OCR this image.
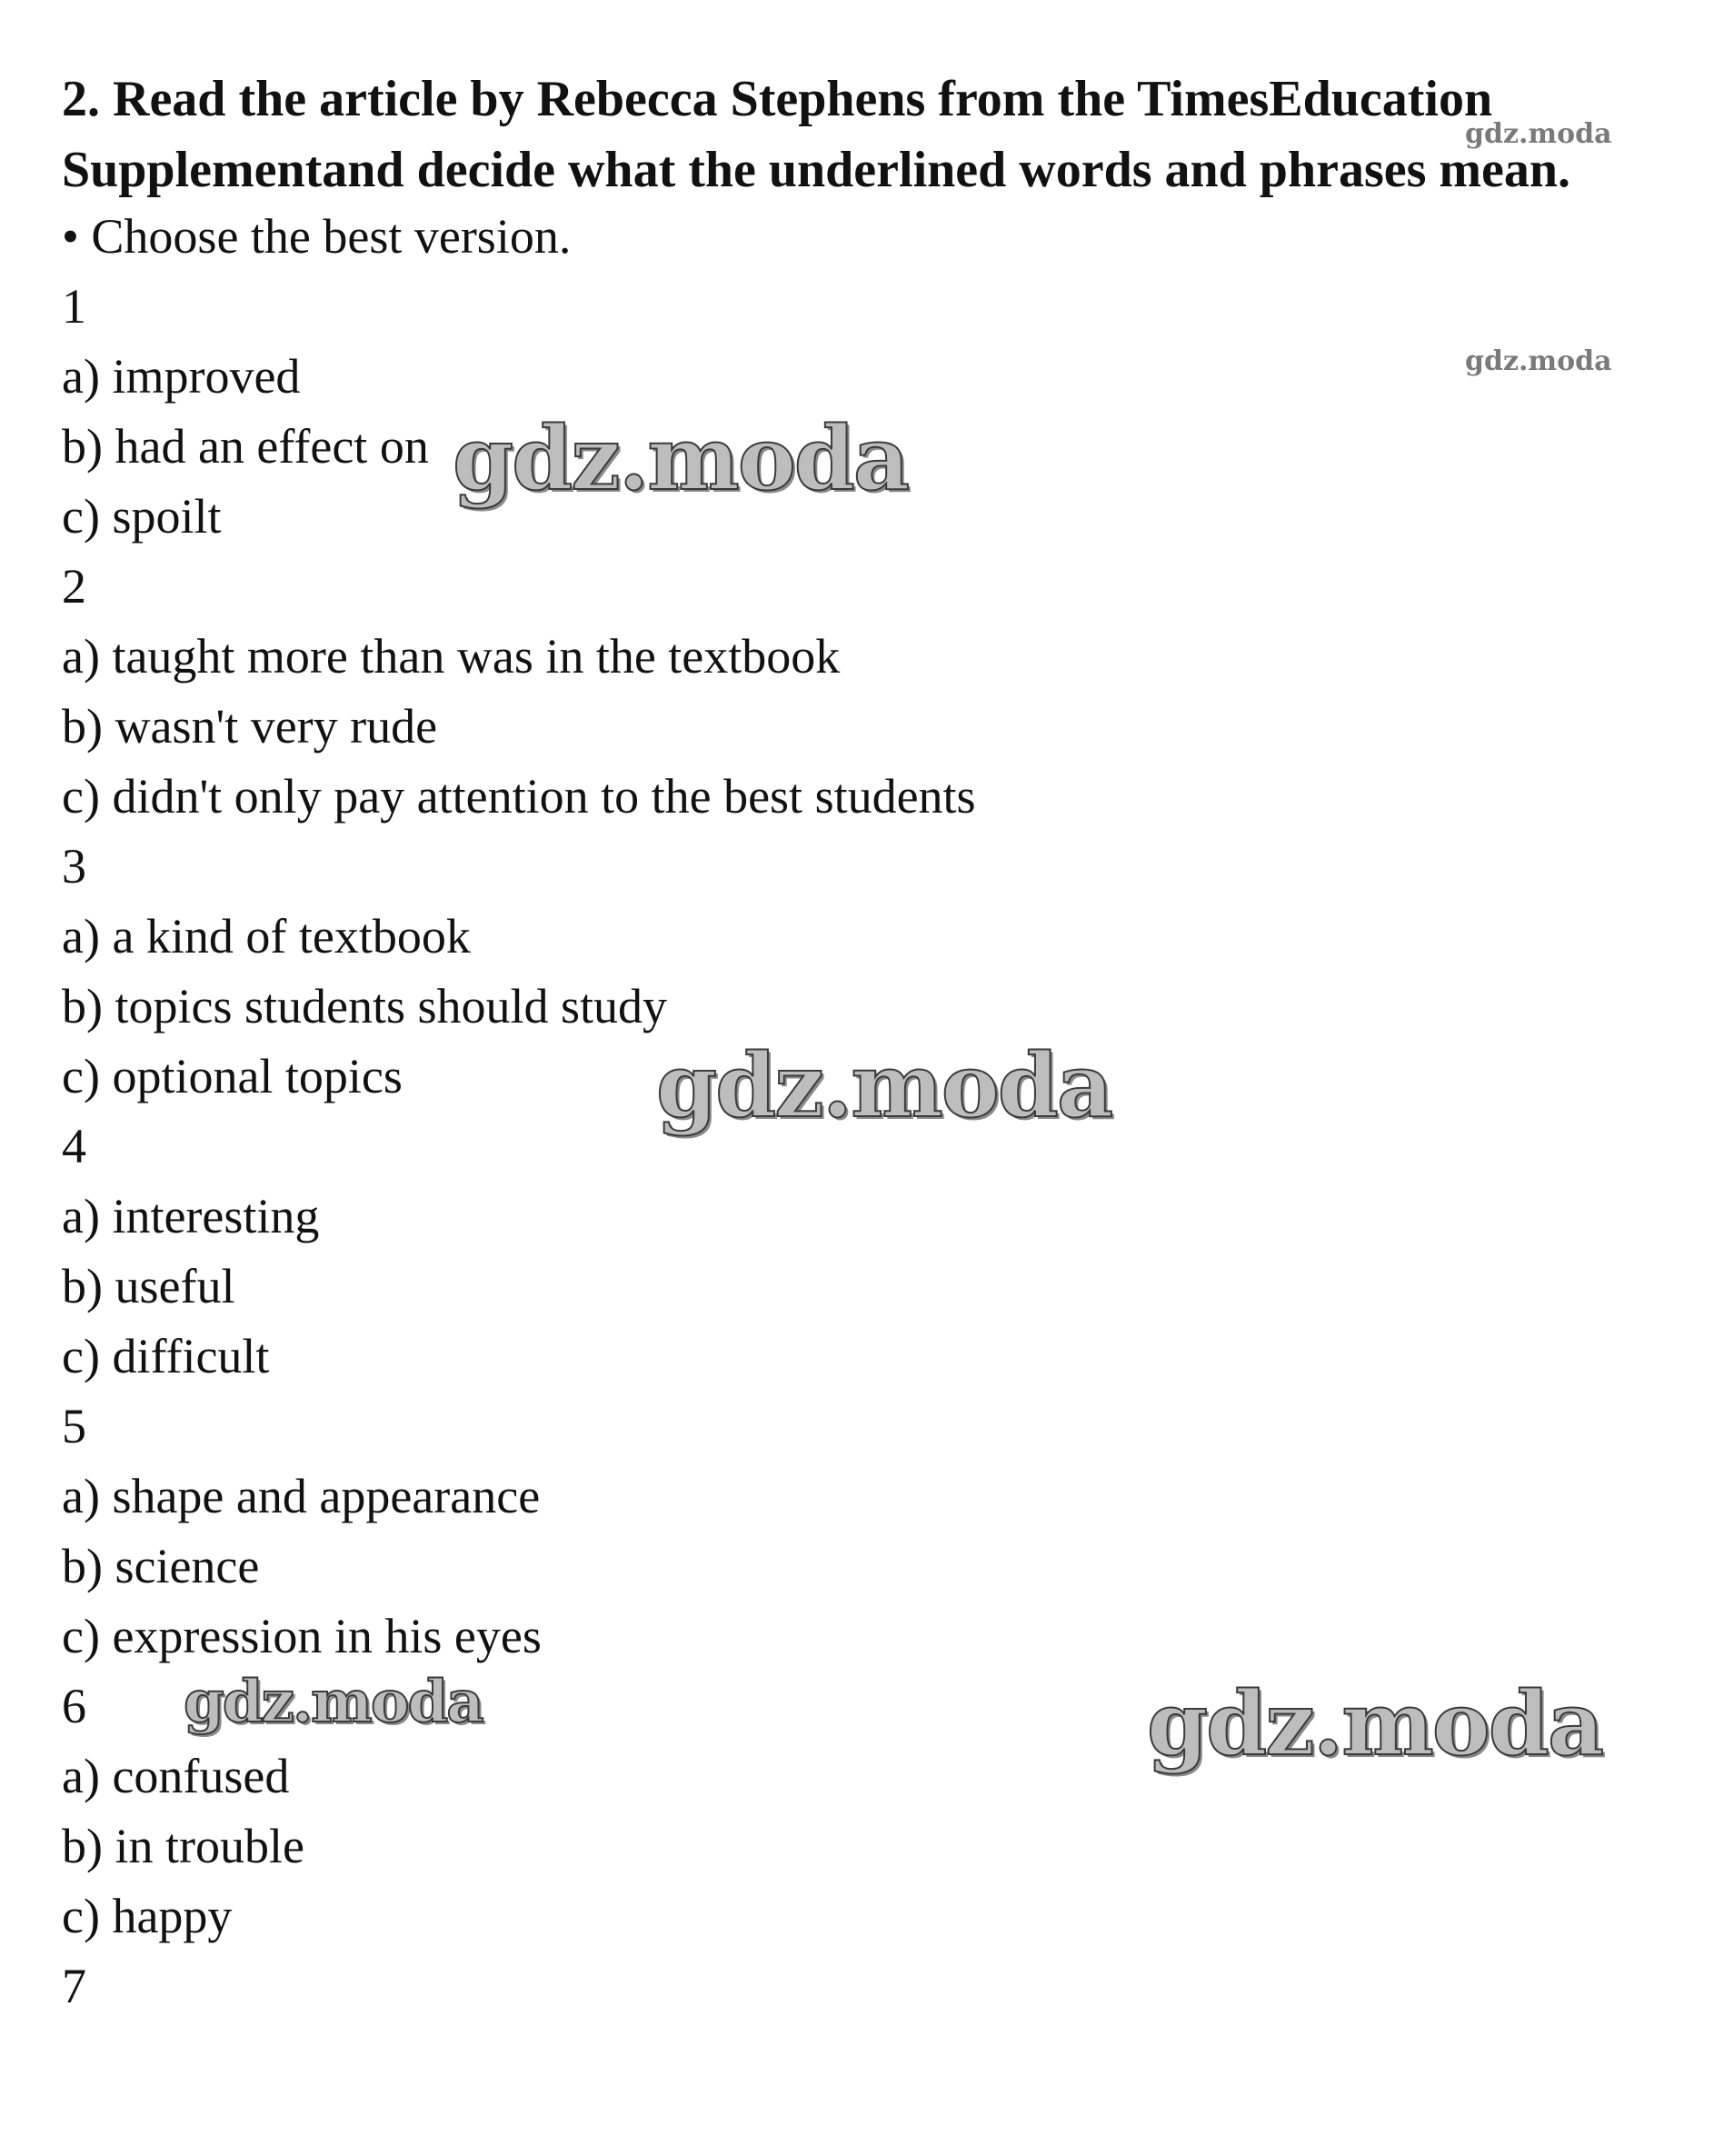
2. Read the article by Rebecca Stephens from the TimesEducation
Supplementand decide what the underlined words and phrases mean.
• Choose the best version.
1
a) improved
b) had an effect on
c) spoilt
2
a) taught more than was in the textbook
b) wasn't very rude
c) didn't only pay attention to the best students
3
a) a kind of textbook
b) topics students should study
c) optional topics
4
a) interesting
b) useful
c) difficult
5
a) shape and appearance
b) science
c) expression in his eyes
6
a) confused
b) in trouble
c) happy
7
gdz.moda
gdz.moda
gdz.moda
gdz.moda
gdz.moda	gdz.moda
